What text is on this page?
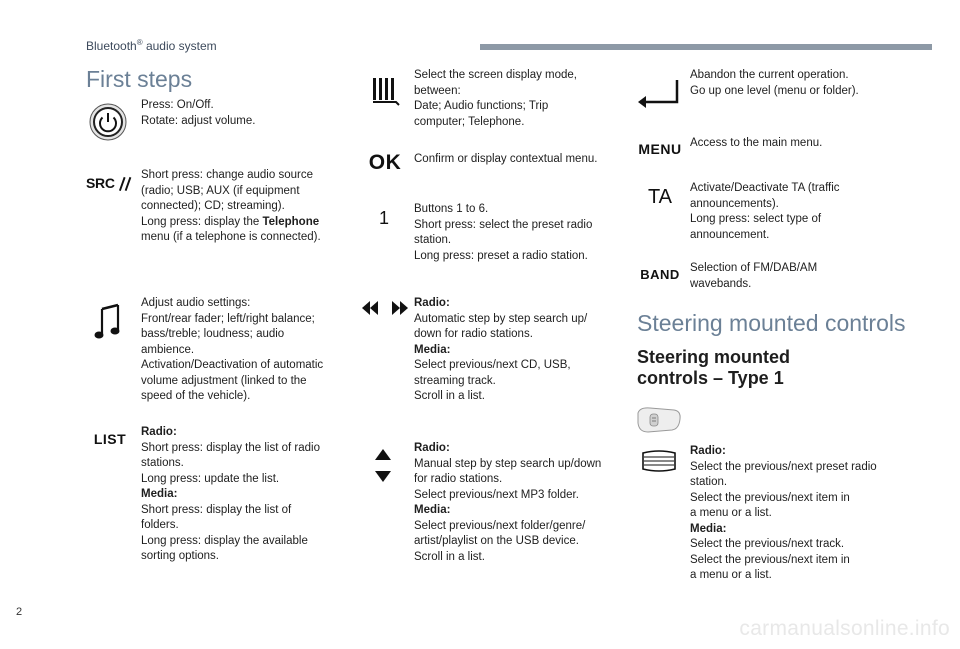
Bluetooth® audio system
First steps
Press: On/Off.
Rotate: adjust volume.
SRC Short press: change audio source
(radio; USB; AUX (if equipment
connected); CD; streaming).
Long press: display the Telephone
menu (if a telephone is connected).
Adjust audio settings:
Front/rear fader; left/right balance;
bass/treble; loudness; audio
ambience.
Activation/Deactivation of automatic
volume adjustment (linked to the
speed of the vehicle).
LIST Radio:
Short press: display the list of radio
stations.
Long press: update the list.
Media:
Short press: display the list of
folders.
Long press: display the available
sorting options.
Select the screen display mode,
between:
Date; Audio functions; Trip
computer; Telephone.
OK Confirm or display contextual menu.
1 Buttons 1 to 6.
Short press: select the preset radio
station.
Long press: preset a radio station.
Radio:
Automatic step by step search up/
down for radio stations.
Media:
Select previous/next CD, USB,
streaming track.
Scroll in a list.
Radio:
Manual step by step search up/down
for radio stations.
Select previous/next MP3 folder.
Media:
Select previous/next folder/genre/
artist/playlist on the USB device.
Scroll in a list.
Abandon the current operation.
Go up one level (menu or folder).
MENU Access to the main menu.
TA Activate/Deactivate TA (traffic
announcements).
Long press: select type of
announcement.
BAND Selection of FM/DAB/AM
wavebands.
Steering mounted controls
Steering mounted
controls – Type 1
Radio:
Select the previous/next preset radio
station.
Select the previous/next item in
a menu or a list.
Media:
Select the previous/next track.
Select the previous/next item in
a menu or a list.
2
carmanualsonline.info
